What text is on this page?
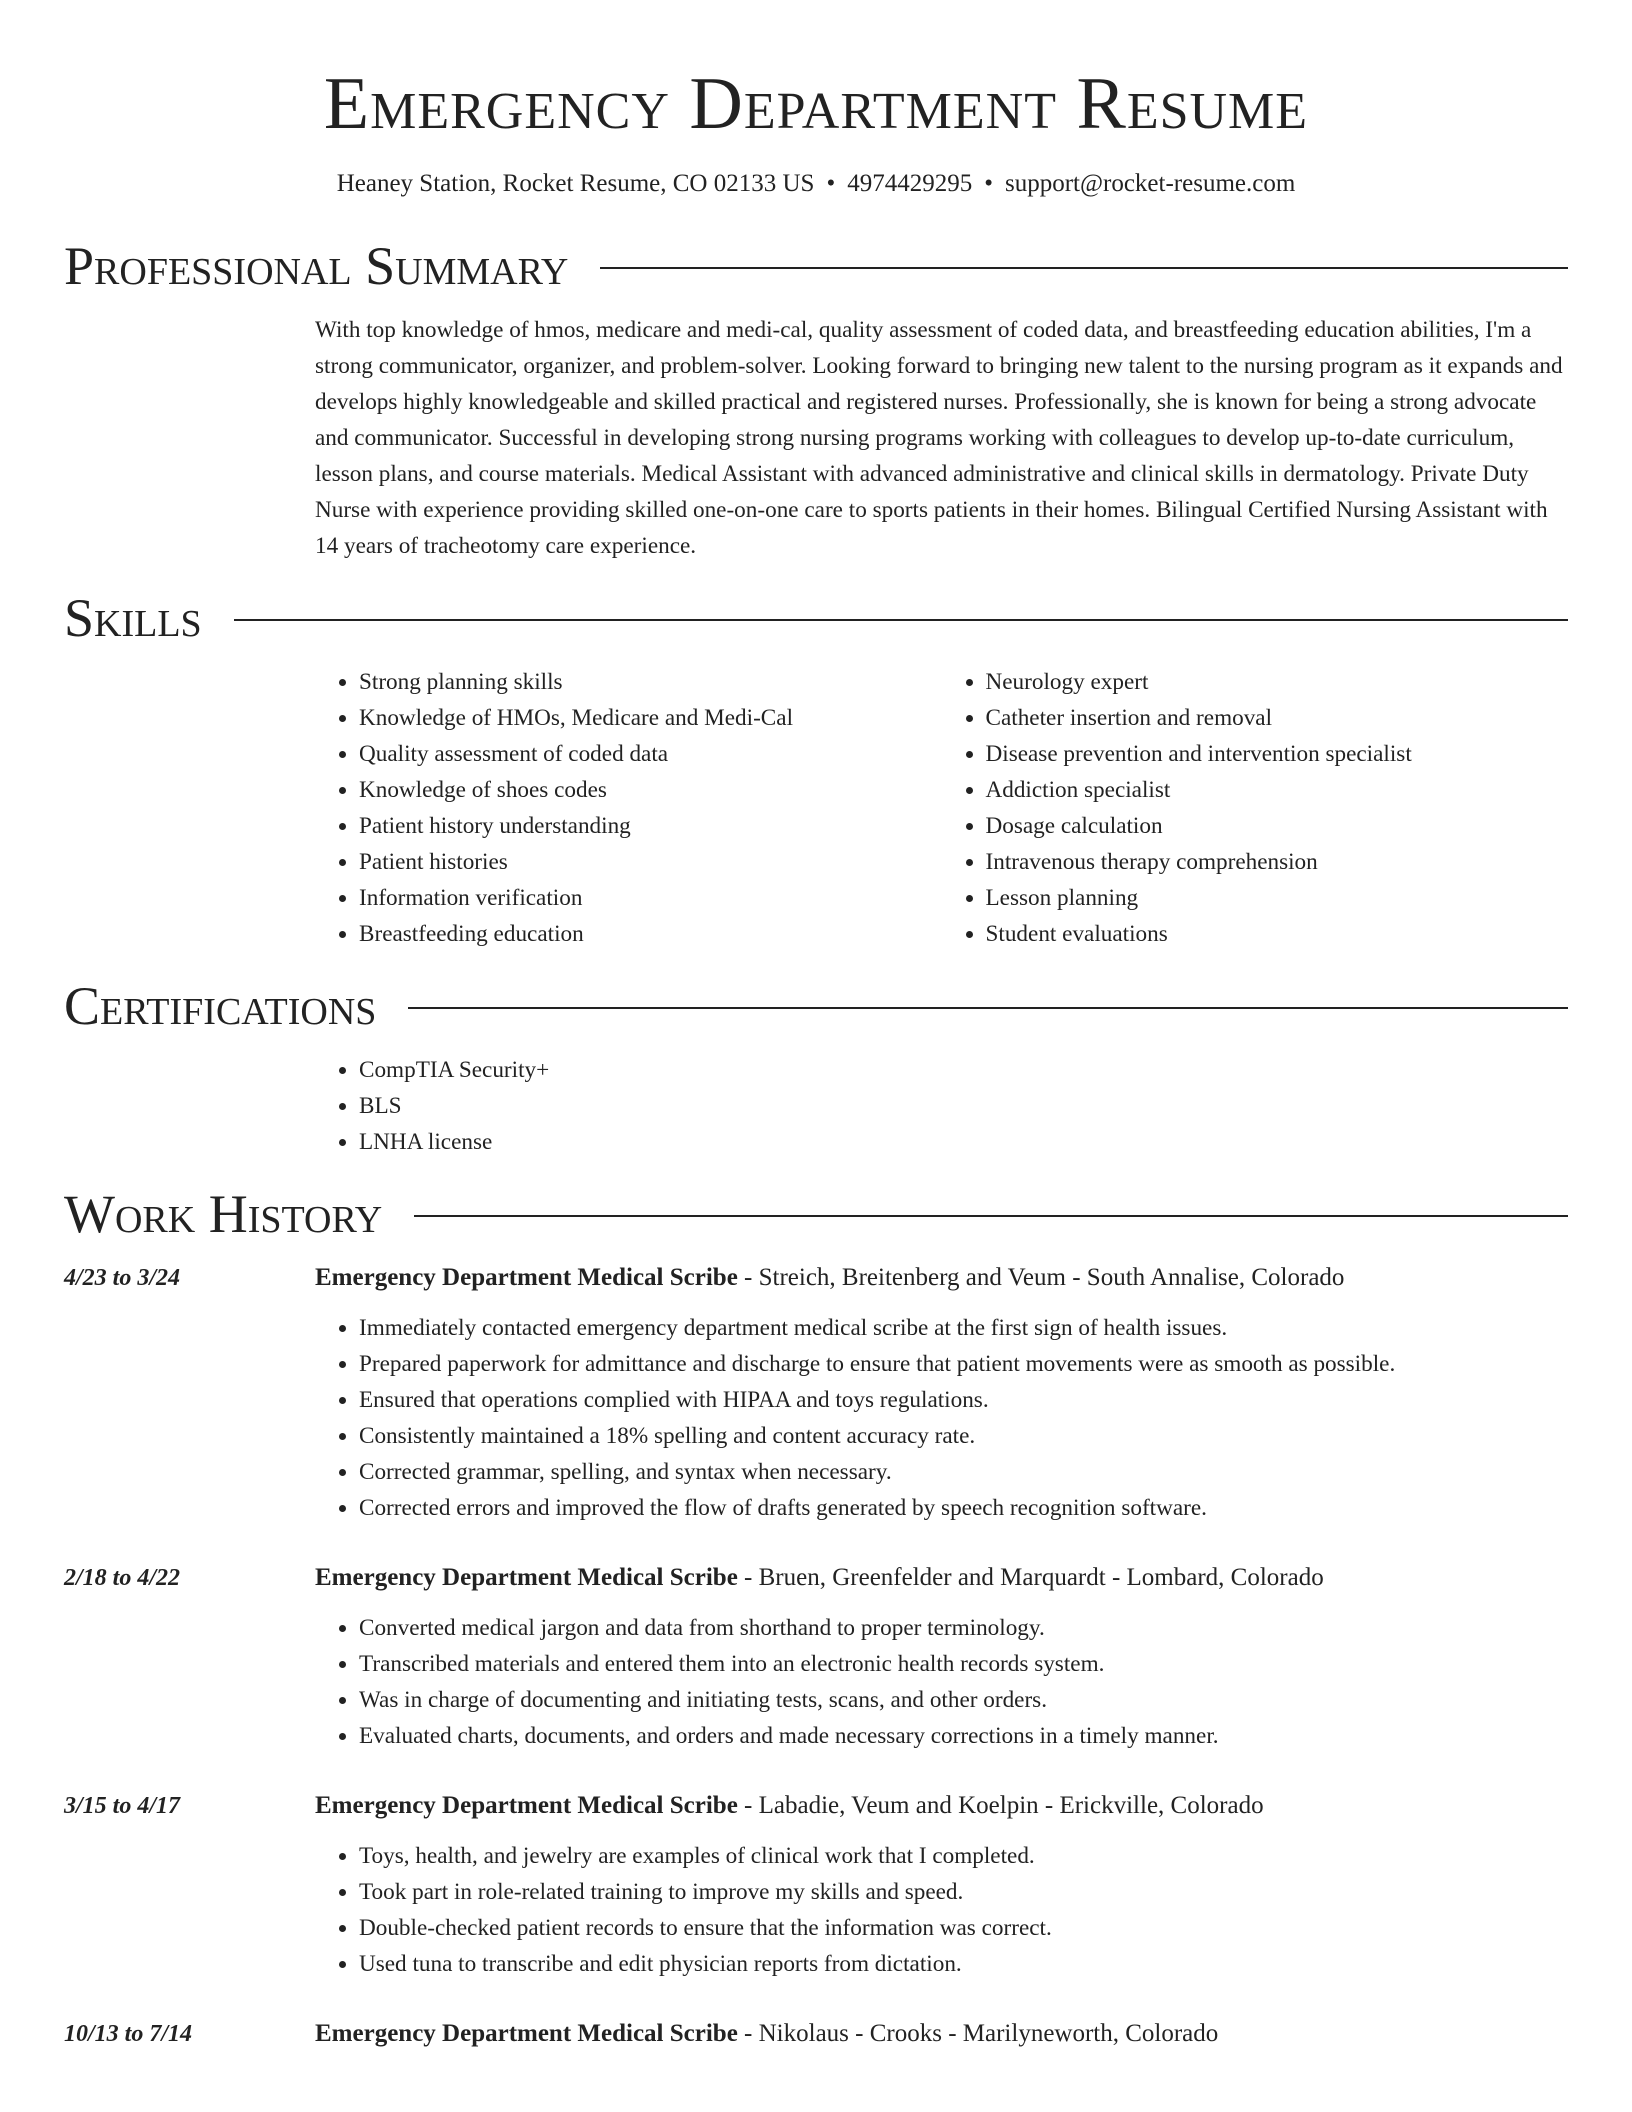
Emergency Department Resume
Heaney Station, Rocket Resume, CO 02133 US • 4974429295 • support@rocket-resume.com
Professional Summary

With top knowledge of hmos, medicare and medi-cal, quality assessment of coded data, and breastfeeding education abilities, I'm a strong communicator, organizer, and problem-solver. Looking forward to bringing new talent to the nursing program as it expands and develops highly knowledgeable and skilled practical and registered nurses. Professionally, she is known for being a strong advocate and communicator. Successful in developing strong nursing programs working with colleagues to develop up-to-date curriculum, lesson plans, and course materials. Medical Assistant with advanced administrative and clinical skills in dermatology. Private Duty Nurse with experience providing skilled one-on-one care to sports patients in their homes. Bilingual Certified Nursing Assistant with 14 years of tracheotomy care experience.

Skills
• Strong planning skills
• Knowledge of HMOs, Medicare and Medi-Cal
• Quality assessment of coded data
• Knowledge of shoes codes
• Patient history understanding
• Patient histories
• Information verification
• Breastfeeding education
• Neurology expert
• Catheter insertion and removal
• Disease prevention and intervention specialist
• Addiction specialist
• Dosage calculation
• Intravenous therapy comprehension
• Lesson planning
• Student evaluations
Certifications
• CompTIA Security+
• BLS
• LNHA license
Work History
4/23 to 3/24	Emergency Department Medical Scribe - Streich, Breitenberg and Veum - South Annalise, Colorado
• Immediately contacted emergency department medical scribe at the first sign of health issues.
• Prepared paperwork for admittance and discharge to ensure that patient movements were as smooth as possible.
• Ensured that operations complied with HIPAA and toys regulations.
• Consistently maintained a 18% spelling and content accuracy rate.
• Corrected grammar, spelling, and syntax when necessary.
• Corrected errors and improved the flow of drafts generated by speech recognition software.
2/18 to 4/22	Emergency Department Medical Scribe - Bruen, Greenfelder and Marquardt - Lombard, Colorado
• Converted medical jargon and data from shorthand to proper terminology.
• Transcribed materials and entered them into an electronic health records system.
• Was in charge of documenting and initiating tests, scans, and other orders.
• Evaluated charts, documents, and orders and made necessary corrections in a timely manner.
3/15 to 4/17	Emergency Department Medical Scribe - Labadie, Veum and Koelpin - Erickville, Colorado
• Toys, health, and jewelry are examples of clinical work that I completed.
• Took part in role-related training to improve my skills and speed.
• Double-checked patient records to ensure that the information was correct.
• Used tuna to transcribe and edit physician reports from dictation.
10/13 to 7/14	Emergency Department Medical Scribe - Nikolaus - Crooks - Marilyneworth, Colorado
